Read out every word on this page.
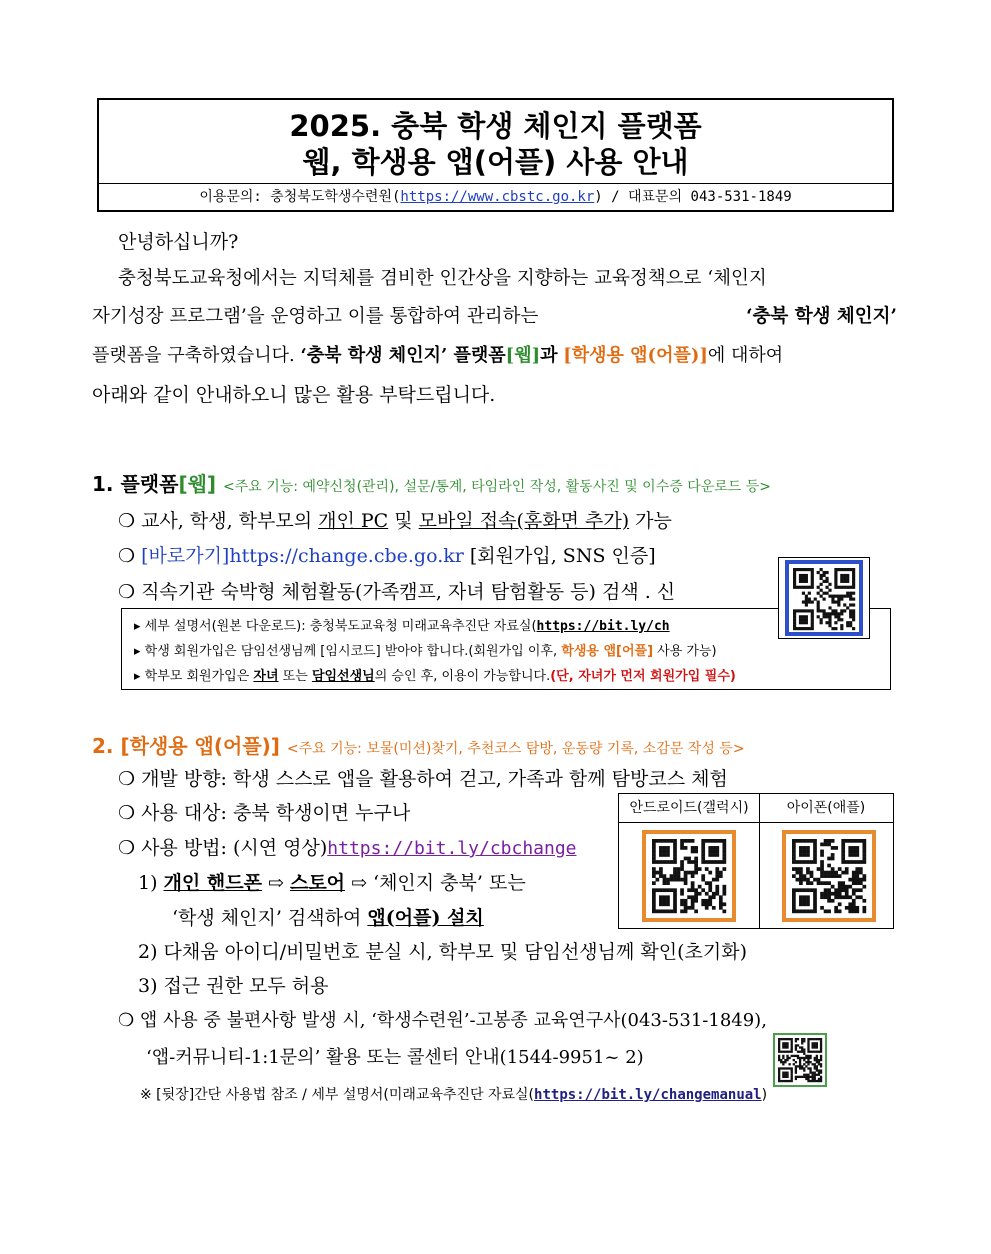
2025. 충북 학생 체인지 플랫폼
웹, 학생용 앱(어플) 사용 안내
이용문의: 충청북도학생수련원(https://www.cbstc.go.kr) / 대표문의 043-531-1849
안녕하십니까?
충청북도교육청에서는 지덕체를 겸비한 인간상을 지향하는 교육정책으로 ‘체인지
자기성장 프로그램’을 운영하고 이를 통합하여 관리하는	‘충북 학생 체인지’
플랫폼을 구축하였습니다. ‘충북 학생 체인지’ 플랫폼[웹]과 [학생용 앱(어플)]에 대하여
아래와 같이 안내하오니 많은 활용 부탁드립니다.
1. 플랫폼[웹] <주요 기능: 예약신청(관리), 설문/통계, 타임라인 작성, 활동사진 및 이수증 다운로드 등>
❍ 교사, 학생, 학부모의 개인 PC 및 모바일 접속(홈화면 추가) 가능
❍ [바로가기]https://change.cbe.go.kr [회원가입, SNS 인증]
❍ 직속기관 숙박형 체험활동(가족캠프, 자녀 탐험활동 등) 검색 . 신
▸ 세부 설명서(원본 다운로드): 충청북도교육청 미래교육추진단 자료실(https://bit.ly/ch
▸ 학생 회원가입은 담임선생님께 [임시코드] 받아야 합니다.(회원가입 이후, 학생용 앱[어플] 사용 가능)
▸ 학부모 회원가입은 자녀 또는 담임선생님의 승인 후, 이용이 가능합니다.(단, 자녀가 먼저 회원가입 필수)
2. [학생용 앱(어플)] <주요 기능: 보물(미션)찾기, 추천코스 탐방, 운동량 기록, 소감문 작성 등>
❍ 개발 방향: 학생 스스로 앱을 활용하여 걷고, 가족과 함께 탐방코스 체험
❍ 사용 대상: 충북 학생이면 누구나
❍ 사용 방법: (시연 영상)https://bit.ly/cbchange
1) 개인 핸드폰 ⇨ 스토어 ⇨ ‘체인지 충북’ 또는
‘학생 체인지’ 검색하여 앱(어플) 설치
2) 다채움 아이디/비밀번호 분실 시, 학부모 및 담임선생님께 확인(초기화)
3) 접근 권한 모두 허용
❍ 앱 사용 중 불편사항 발생 시, ‘학생수련원’-고봉종 교육연구사(043-531-1849),
‘앱-커뮤니티-1:1문의’ 활용 또는 콜센터 안내(1544-9951~ 2)
안드로이드(갤럭시)	아이폰(애플)
※ [뒷장]간단 사용법 참조 / 세부 설명서(미래교육추진단 자료실(https://bit.ly/changemanual)
